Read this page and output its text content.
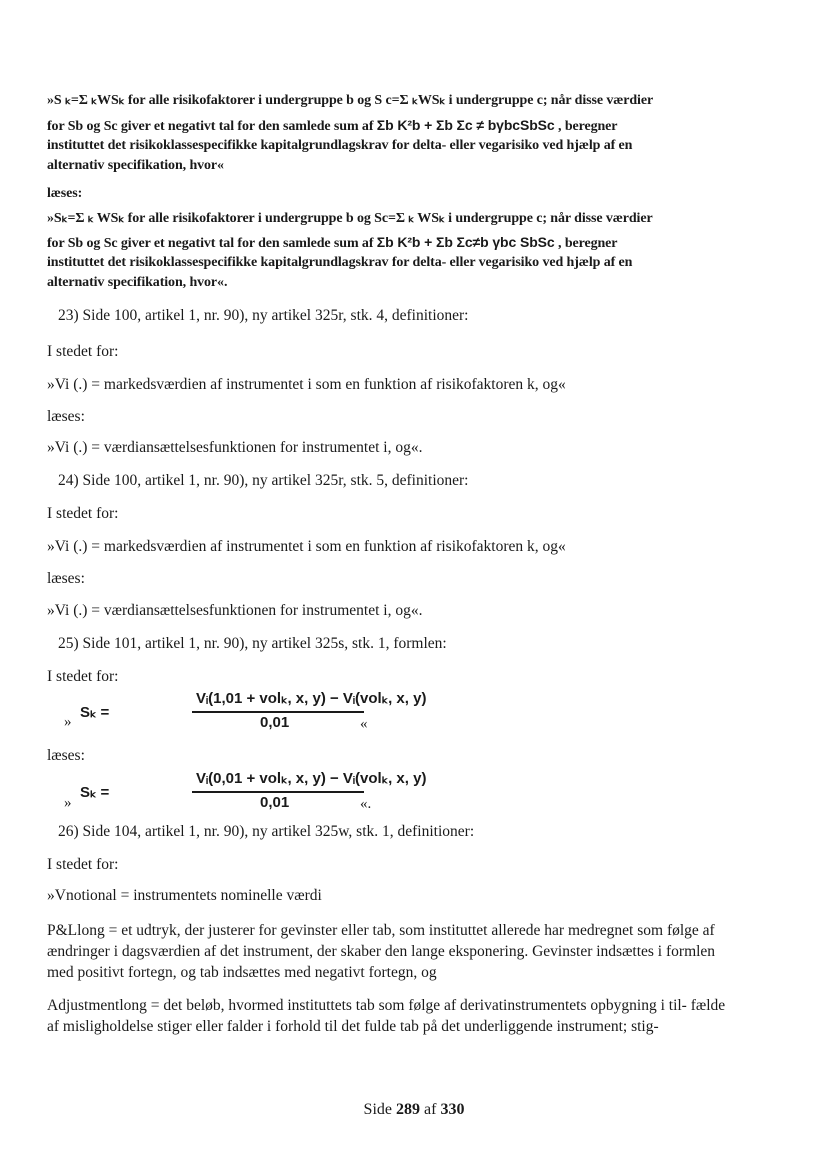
»S ₖ=Σ ₖWSₖ for alle risikofaktorer i undergruppe b og S c=Σ ₖWSₖ i undergruppe c; når disse værdier
for Sb og Sc giver et negativt tal for den samlede sum af Σb K²b + Σb Σc ≠ bγbcSbSc , beregner
instituttet det risikoklassespecifikke kapitalgrundlagskrav for delta- eller vegarisiko ved hjælp af en
alternativ specifikation, hvor«
læses:
»Sₖ=Σ ₖ WSₖ for alle risikofaktorer i undergruppe b og Sc=Σ ₖ WSₖ i undergruppe c; når disse værdier
for Sb og Sc giver et negativt tal for den samlede sum af Σb K²b + Σb Σc≠b γbc SbSc , beregner
instituttet det risikoklassespecifikke kapitalgrundlagskrav for delta- eller vegarisiko ved hjælp af en
alternativ specifikation, hvor«.
23) Side 100, artikel 1, nr. 90), ny artikel 325r, stk. 4, definitioner:
I stedet for:
»Vi (.) = markedsværdien af instrumentet i som en funktion af risikofaktoren k, og«
læses:
»Vi (.) = værdiansættelsesfunktionen for instrumentet i, og«.
24) Side 100, artikel 1, nr. 90), ny artikel 325r, stk. 5, definitioner:
I stedet for:
»Vi (.) = markedsværdien af instrumentet i som en funktion af risikofaktoren k, og«
læses:
»Vi (.) = værdiansættelsesfunktionen for instrumentet i, og«.
25) Side 101, artikel 1, nr. 90), ny artikel 325s, stk. 1, formlen:
I stedet for:
»
Sₖ =
Vᵢ(1,01 + volₖ, x, y) − Vᵢ(volₖ, x, y)
0,01	«
læses:
»
Sₖ =
Vᵢ(0,01 + volₖ, x, y) − Vᵢ(volₖ, x, y)
0,01	«.
26) Side 104, artikel 1, nr. 90), ny artikel 325w, stk. 1, definitioner:
I stedet for:
»Vnotional = instrumentets nominelle værdi
P&Llong = et udtryk, der justerer for gevinster eller tab, som instituttet allerede har medregnet som følge af
ændringer i dagsværdien af det instrument, der skaber den lange eksponering. Gevinster indsættes i formlen
med positivt fortegn, og tab indsættes med negativt fortegn, og
Adjustmentlong = det beløb, hvormed instituttets tab som følge af derivatinstrumentets opbygning i til- fælde
af misligholdelse stiger eller falder i forhold til det fulde tab på det underliggende instrument; stig-
Side 289 af 330
